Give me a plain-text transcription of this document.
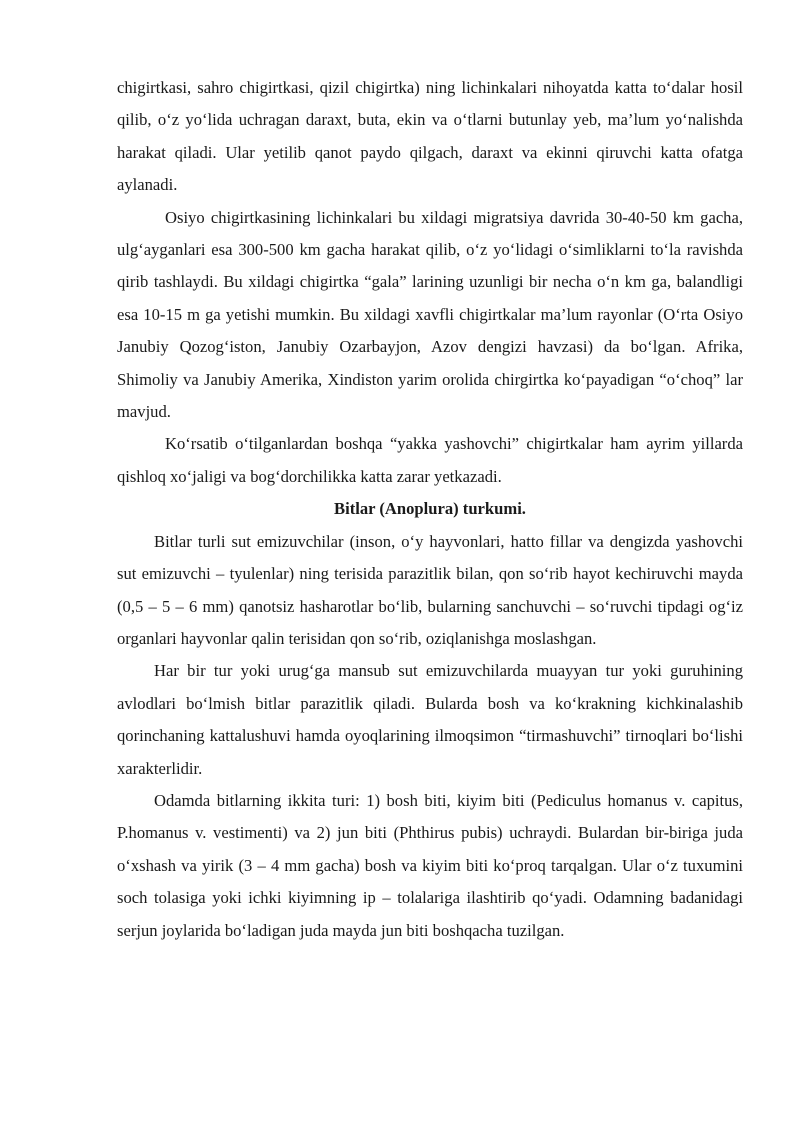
chigirtkasi, sahro chigirtkasi, qizil chigirtka) ning lichinkalari nihoyatda katta to‘dalar hosil qilib, o‘z yo‘lida uchragan daraxt, buta, ekin va o‘tlarni butunlay yeb, ma’lum yo‘nalishda harakat qiladi. Ular yetilib qanot paydo qilgach, daraxt va ekinni qiruvchi katta ofatga aylanadi.

Osiyo chigirtkasining lichinkalari bu xildagi migratsiya davrida 30-40-50 km gacha, ulg‘ayganlari esa 300-500 km gacha harakat qilib, o‘z yo‘lidagi o‘simliklarni to‘la ravishda qirib tashlaydi. Bu xildagi chigirtka “gala” larining uzunligi bir necha o‘n km ga, balandligi esa 10-15 m ga yetishi mumkin. Bu xildagi xavfli chigirtkalar ma’lum rayonlar (O‘rta Osiyo Janubiy Qozog‘iston, Janubiy Ozarbayjon, Azov dengizi havzasi) da bo‘lgan. Afrika, Shimoliy va Janubiy Amerika, Xindiston yarim orolida chirgirtka ko‘payadigan “o‘choq” lar mavjud.

Ko‘rsatib o‘tilganlardan boshqa “yakka yashovchi” chigirtkalar ham ayrim yillarda qishloq xo‘jaligi va bog‘dorchilikka katta zarar yetkazadi.

Bitlar (Anoplura) turkumi.

Bitlar turli sut emizuvchilar (inson, o‘y hayvonlari, hatto fillar va dengizda yashovchi sut emizuvchi – tyulenlar) ning terisida parazitlik bilan, qon so‘rib hayot kechiruvchi mayda (0,5 – 5 – 6 mm) qanotsiz hasharotlar bo‘lib, bularning sanchuvchi – so‘ruvchi tipdagi og‘iz organlari hayvonlar qalin terisidan qon so‘rib, oziqlanishga moslashgan.

Har bir tur yoki urug‘ga mansub sut emizuvchilarda muayyan tur yoki guruhining avlodlari bo‘lmish bitlar parazitlik qiladi. Bularda bosh va ko‘krakning kichkinalashib qorinchaning kattalushuvi hamda oyoqlarining ilmoqsimon “tirmashuvchi” tirnoqlari bo‘lishi xarakterlidir.

Odamda bitlarning ikkita turi: 1) bosh biti, kiyim biti (Pediculus homanus v. capitus, P.homanus v. vestimenti) va 2) jun biti (Phthirus pubis) uchraydi. Bulardan bir-biriga juda o‘xshash va yirik (3 – 4 mm gacha) bosh va kiyim biti ko‘proq tarqalgan. Ular o‘z tuxumini soch tolasiga yoki ichki kiyimning ip – tolalariga ilashtirib qo‘yadi. Odamning badanidagi serjun joylarida bo‘ladigan juda mayda jun biti boshqacha tuzilgan.
